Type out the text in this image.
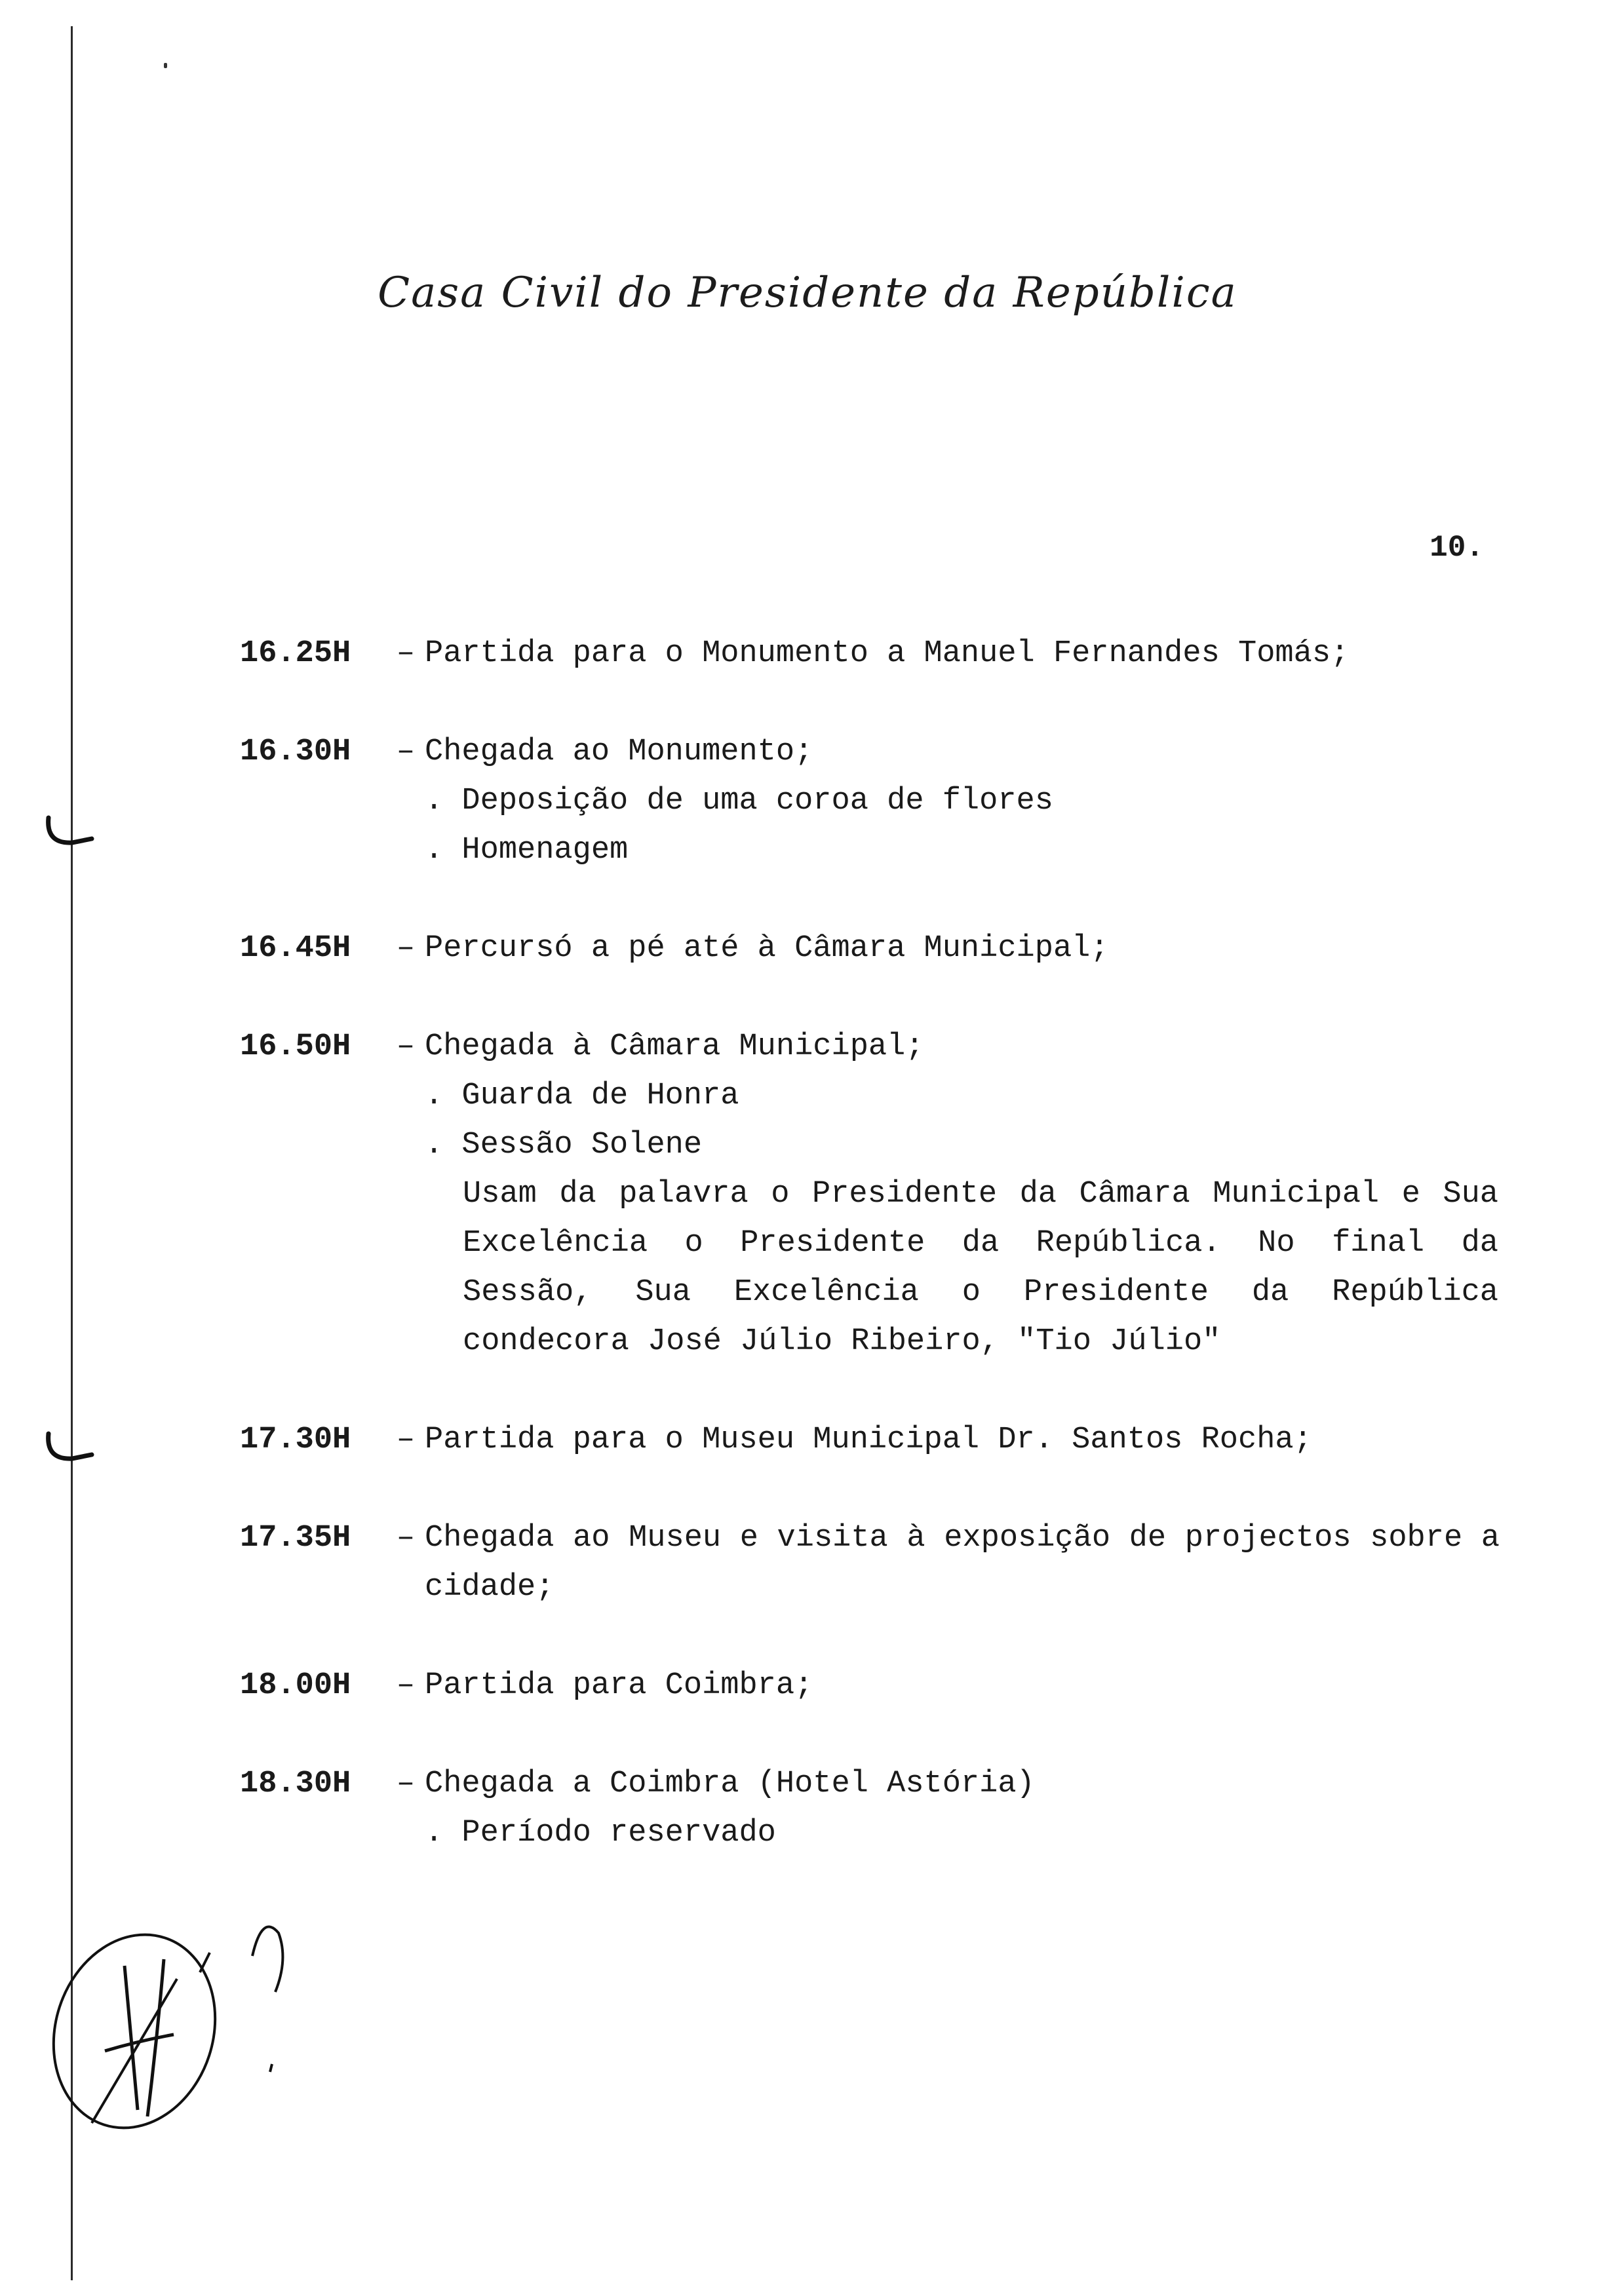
Casa Civil do Presidente da República
10.
16.25H	– Partida para o Monumento a Manuel Fernandes Tomás;
16.30H	– Chegada ao Monumento;
. Deposição de uma coroa de flores
. Homenagem
16.45H	– Percursó a pé até à Câmara Municipal;
16.50H	– Chegada à Câmara Municipal;
. Guarda de Honra
. Sessão Solene
Usam da palavra o Presidente da Câmara Municipal e Sua Excelência o Presidente da República. No final da Sessão, Sua Excelência o Presidente da República condecora José Júlio Ribeiro, "Tio Júlio"
17.30H	– Partida para o Museu Municipal Dr. Santos Rocha;
17.35H	– Chegada ao Museu e visita à exposição de projectos sobre a cidade;
18.00H	– Partida para Coimbra;
18.30H	– Chegada a Coimbra (Hotel Astória)
. Período reservado
